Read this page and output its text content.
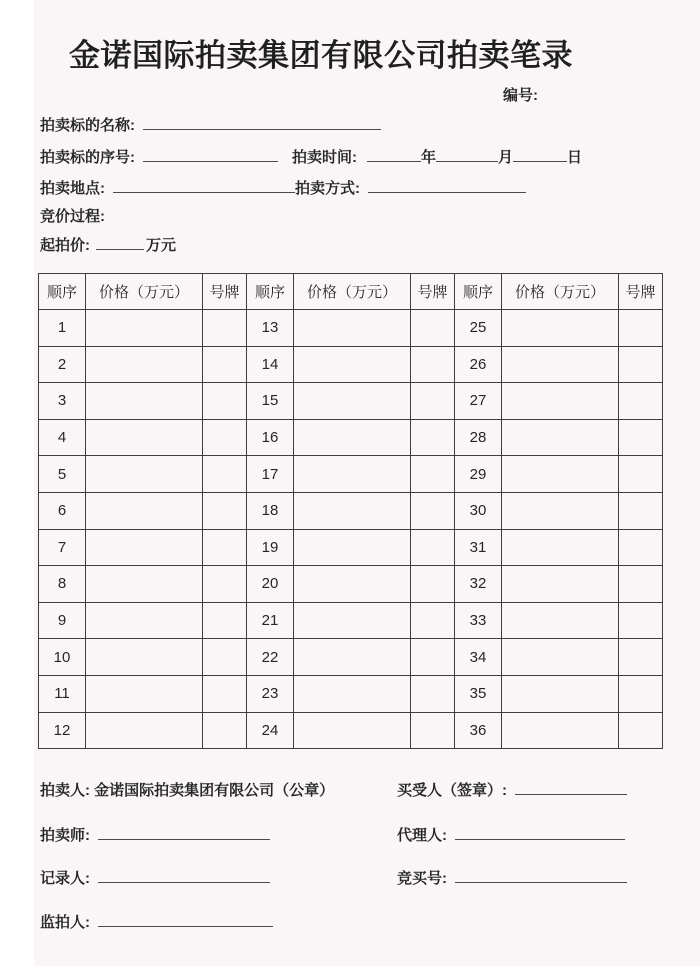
金诺国际拍卖集团有限公司拍卖笔录
编号:
拍卖标的名称:
拍卖标的序号:	拍卖时间:	年	月	日
拍卖地点:	拍卖方式:
竞价过程:
起拍价:	万元
顺序	价格（万元）	号牌	顺序	价格（万元）	号牌	顺序	价格（万元）	号牌
1			13			25		
2			14			26		
3			15			27		
4			16			28		
5			17			29		
6			18			30		
7			19			31		
8			20			32		
9			21			33		
10			22			34		
11			23			35		
12			24			36		
拍卖人: 金诺国际拍卖集团有限公司（公章）	买受人（签章）:
拍卖师:	代理人:
记录人:	竞买号:
监拍人:
